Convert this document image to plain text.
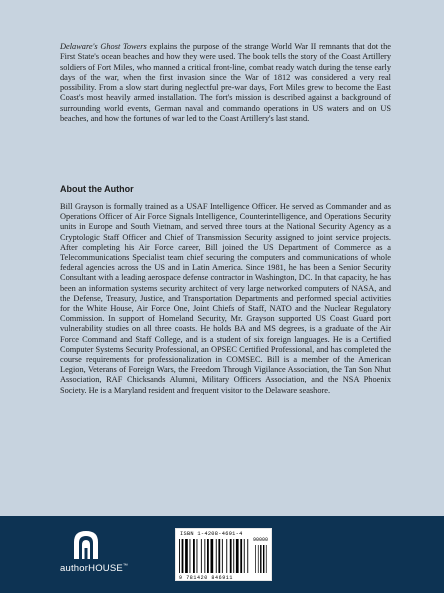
Delaware's Ghost Towers explains the purpose of the strange World War II remnants that dot the First State's ocean beaches and how they were used. The book tells the story of the Coast Artillery soldiers of Fort Miles, who manned a critical front-line, combat ready watch during the tense early days of the war, when the first invasion since the War of 1812 was considered a very real possibility. From a slow start during neglectful pre-war days, Fort Miles grew to become the East Coast's most heavily armed installation. The fort's mission is described against a background of surrounding world events, German naval and commando operations in US waters and on US beaches, and how the fortunes of war led to the Coast Artillery's last stand.

About the Author

Bill Grayson is formally trained as a USAF Intelligence Officer. He served as Commander and as Operations Officer of Air Force Signals Intelligence, Counterintelligence, and Operations Security units in Europe and South Vietnam, and served three tours at the National Security Agency as a Cryptologic Staff Officer and Chief of Transmission Security assigned to joint service projects. After completing his Air Force career, Bill joined the US Department of Commerce as a Telecommunications Specialist team chief securing the computers and communications of whole federal agencies across the US and in Latin America. Since 1981, he has been a Senior Security Consultant with a leading aerospace defense contractor in Washington, DC. In that capacity, he has been an information systems security architect of very large networked computers of NASA, and the Defense, Treasury, Justice, and Transportation Departments and performed special activities for the White House, Air Force One, Joint Chiefs of Staff, NATO and the Nuclear Regulatory Commission. In support of Homeland Security, Mr. Grayson supported US Coast Guard port vulnerability studies on all three coasts. He holds BA and MS degrees, is a graduate of the Air Force Command and Staff College, and is a student of six foreign languages. He is a Certified Computer Systems Security Professional, an OPSEC Certified Professional, and has completed the course requirements for professionalization in COMSEC. Bill is a member of the American Legion, Veterans of Foreign Wars, the Freedom Through Vigilance Association, the Tan Son Nhut Association, RAF Chicksands Alumni, Military Officers Association, and the NSA Phoenix Society. He is a Maryland resident and frequent visitor to the Delaware seashore.

authorHOUSE™
ISBN 1-4208-4691-4
90000
9 781420 846911
